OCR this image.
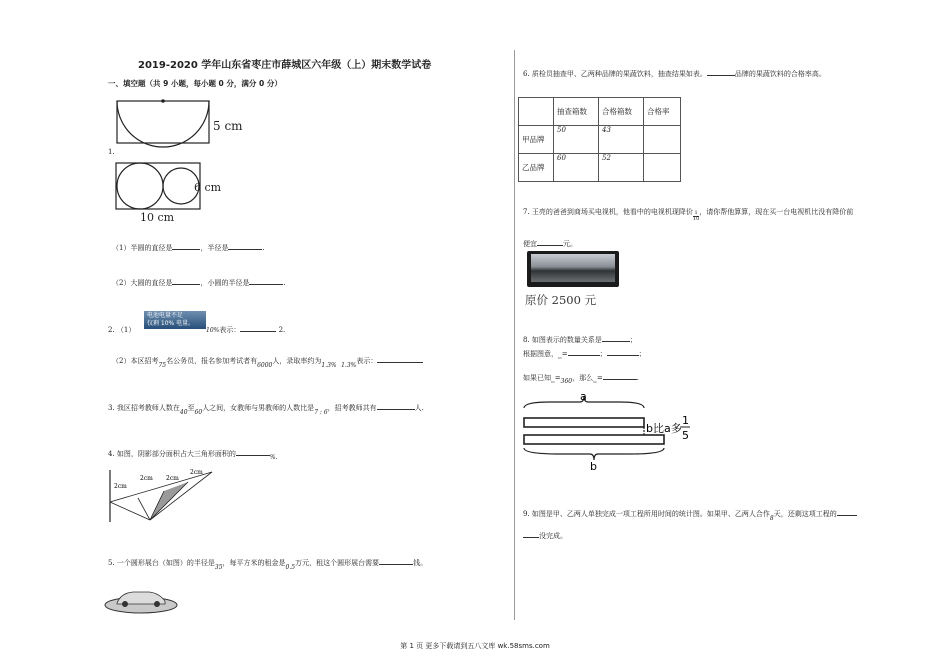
2019-2020 学年山东省枣庄市薛城区六年级（上）期末数学试卷
一、填空题（共 9 小题，每小题 0 分，满分 0 分）
5 cm
1.
6 cm
10 cm
（1）半圆的直径是	，半径是	.
（2）大圆的直径是	，小圆的半径是	.
2. （1）
电池电量不足
仅剩 10% 电量。
10%表示：	2.
（2）本区招考75名公务员，报名参加考试者有6000人，录取率约为1.3% 1.3%表示：
3. 我区招考教师人数在40至60人之间，女教师与男教师的人数比是7 : 6，招考教师共有	人.
4. 如图，阴影部分面积占大三角形面积的	%.
2cm
2cm 2cm
2cm
5. 一个圆形展台（如图）的半径是35，每平方米的租金是0.5万元，租这个圆形展台需要	钱。
6. 质检员抽查甲、乙两种品牌的果蔬饮料，抽查结果如表。	品牌的果蔬饮料的合格率高。
	抽查箱数	合格箱数	合格率
甲品牌	50	43	
乙品牌	60	52	
7. 王亮的爸爸到商场买电视机，他看中的电视机现降价 $\frac{1}{10}$ ，请你帮他算算，现在买一台电视机比没有降价前
便宜	元。
原价 2500 元
8. 如图表示的数量关系是	；
根据图意，$_▭$=	；	；
如果已知$_▭$=360，那么$_▭$=	.
a
b
b比a多
1
5
9. 如图是甲、乙两人单独完成一项工程所用时间的统计图。如果甲、乙两人合作8天，还剩这项工程的
没完成。
第 1 页 更多下载请到五八文库 wk.58sms.com
